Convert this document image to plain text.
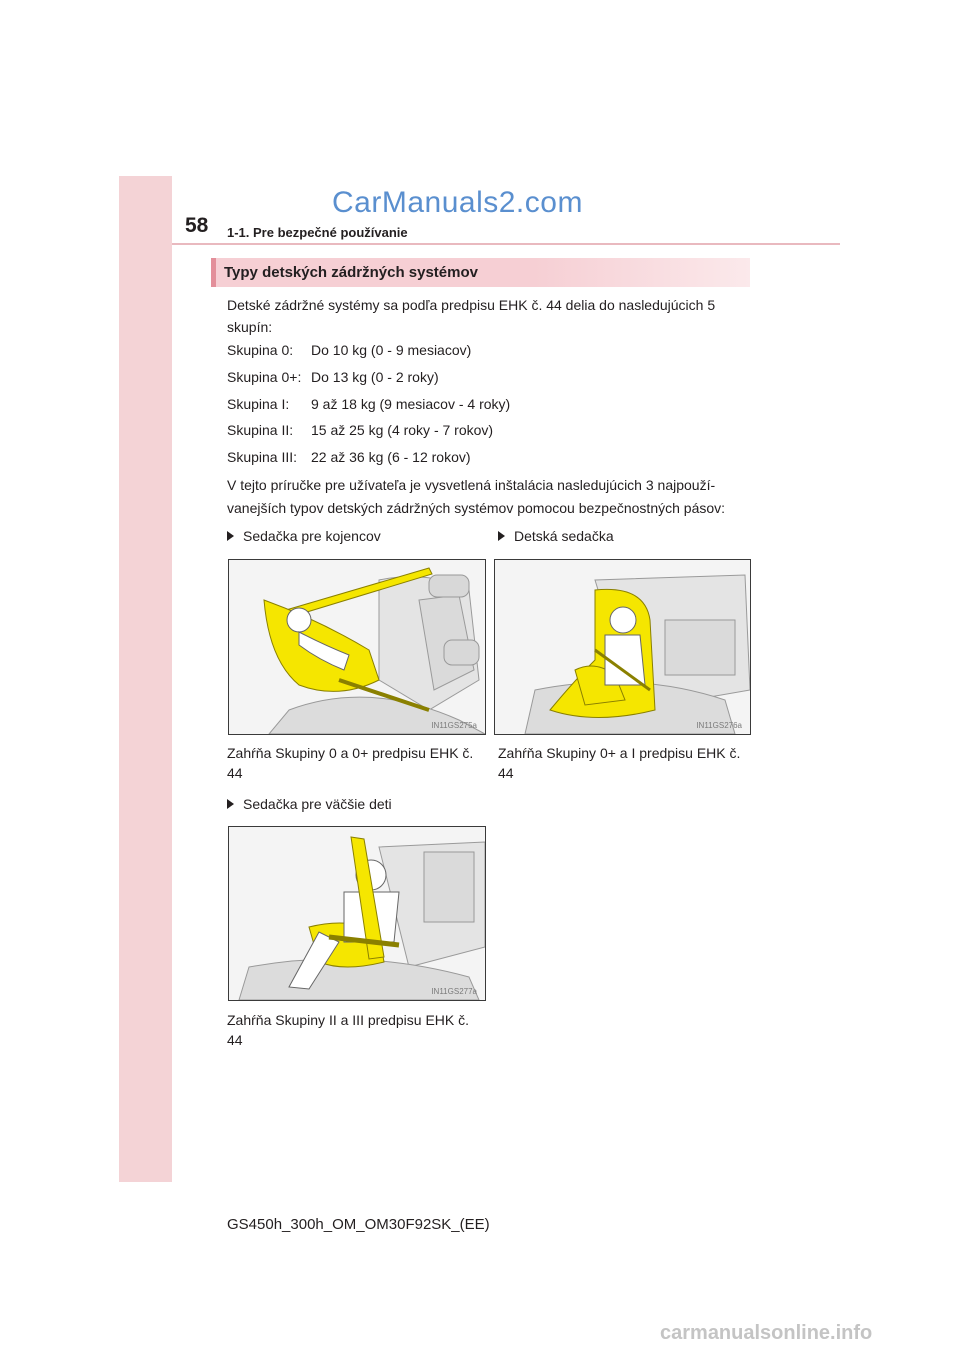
58 1-1. Pre bezpečné používanie
CarManuals2.com
Typy detských zádržných systémov
Detské zádržné systémy sa podľa predpisu EHK č. 44 delia do nasledujúcich 5 skupín:
Skupina 0:	Do 10 kg (0 - 9 mesiacov)
Skupina 0+: Do 13 kg (0 - 2 roky)
Skupina I:	9 až 18 kg (9 mesiacov - 4 roky)
Skupina II:	15 až 25 kg (4 roky - 7 rokov)
Skupina III: 22 až 36 kg (6 - 12 rokov)
V tejto príručke pre užívateľa je vysvetlená inštalácia nasledujúcich 3 najpouží- vanejších typov detských zádržných systémov pomocou bezpečnostných pásov:
Sedačka pre kojencov
IN11GS275a
Zahŕňa Skupiny 0 a 0+ predpisu EHK č. 44
Detská sedačka
IN11GS276a
Zahŕňa Skupiny 0+ a I predpisu EHK č. 44
Sedačka pre väčšie deti
IN11GS277a
Zahŕňa Skupiny II a III predpisu EHK č. 44
GS450h_300h_OM_OM30F92SK_(EE)
carmanualsonline.info
